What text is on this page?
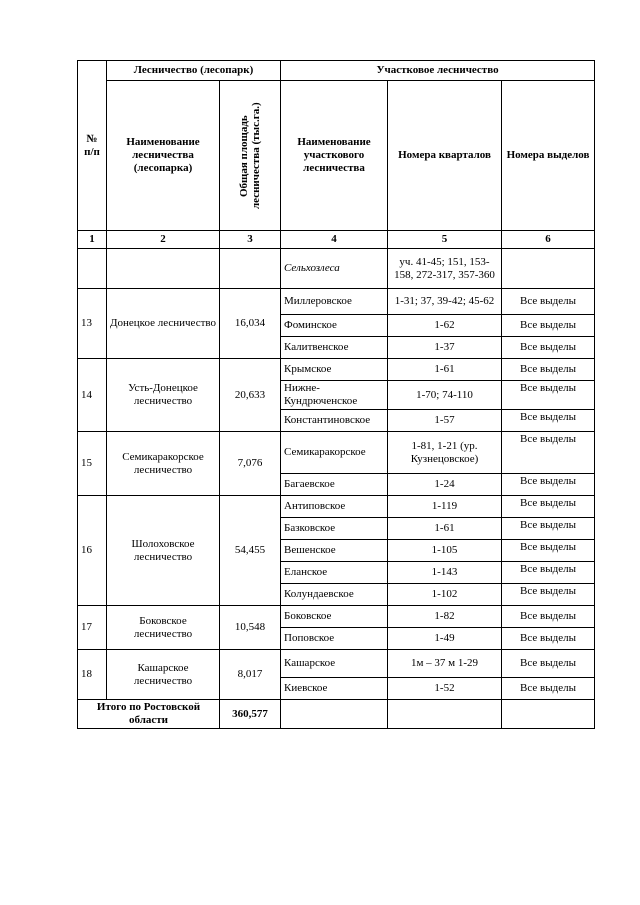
№ п/п	Лесничество (лесопарк)		Участковое лесничество		
	Наименование лесничества (лесопарка)	Общая площадь лесничества (тыс.га.)	Наименование участкового лесничества	Номера кварталов	Номера выделов
1	2	3	4	5	6
			Сельхозлеса	уч. 41-45; 151, 153-158, 272-317, 357-360	
13	Донецкое лесничество	16,034	Миллеровское	1-31; 37, 39-42; 45-62	Все выделы
			Фоминское	1-62	Все выделы
			Калитвенское	1-37	Все выделы
14	Усть-Донецкое лесничество	20,633	Крымское	1-61	Все выделы
			Нижне-Кундрюченское	1-70; 74-110	Все выделы
			Константиновское	1-57	Все выделы
15	Семикаракорское лесничество	7,076	Семикаракорское	1-81, 1-21 (ур. Кузнецовское)	Все выделы
			Багаевское	1-24	Все выделы
16	Шолоховское лесничество	54,455	Антиповское	1-119	Все выделы
			Базковское	1-61	Все выделы
			Вешенское	1-105	Все выделы
			Еланское	1-143	Все выделы
			Колундаевское	1-102	Все выделы
17	Боковское лесничество	10,548	Боковское	1-82	Все выделы
			Поповское	1-49	Все выделы
18	Кашарское лесничество	8,017	Кашарское	1м – 37 м 1-29	Все выделы
			Киевское	1-52	Все выделы
Итого по Ростовской области		360,577			
